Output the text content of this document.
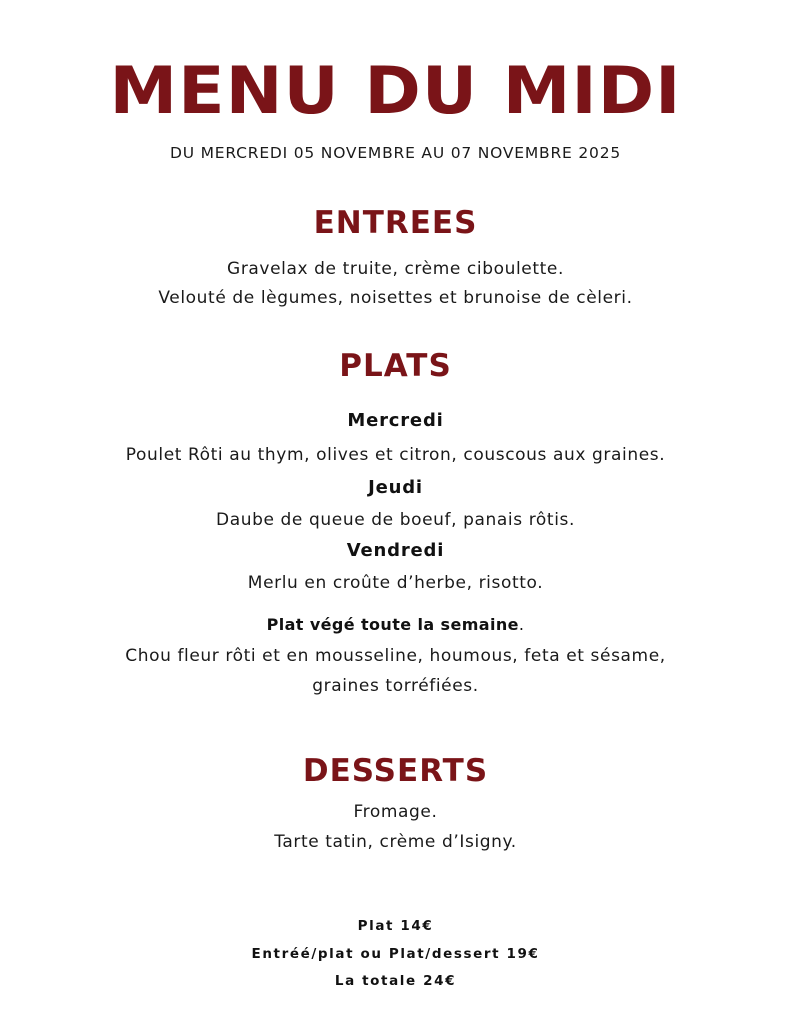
MENU DU MIDI
DU MERCREDI 05 NOVEMBRE AU 07 NOVEMBRE 2025
ENTREES
Gravelax de truite, crème ciboulette.
Velouté de lègumes, noisettes et brunoise de cèleri.
PLATS
Mercredi
Poulet Rôti au thym, olives et citron, couscous aux graines.
Jeudi
Daube de queue de boeuf, panais rôtis.
Vendredi
Merlu en croûte d’herbe, risotto.
Plat végé toute la semaine.
Chou fleur rôti et en mousseline, houmous, feta et sésame,
graines torréfiées.
DESSERTS
Fromage.
Tarte tatin, crème d’Isigny.
Plat 14€
Entréé/plat ou Plat/dessert 19€
La totale 24€
